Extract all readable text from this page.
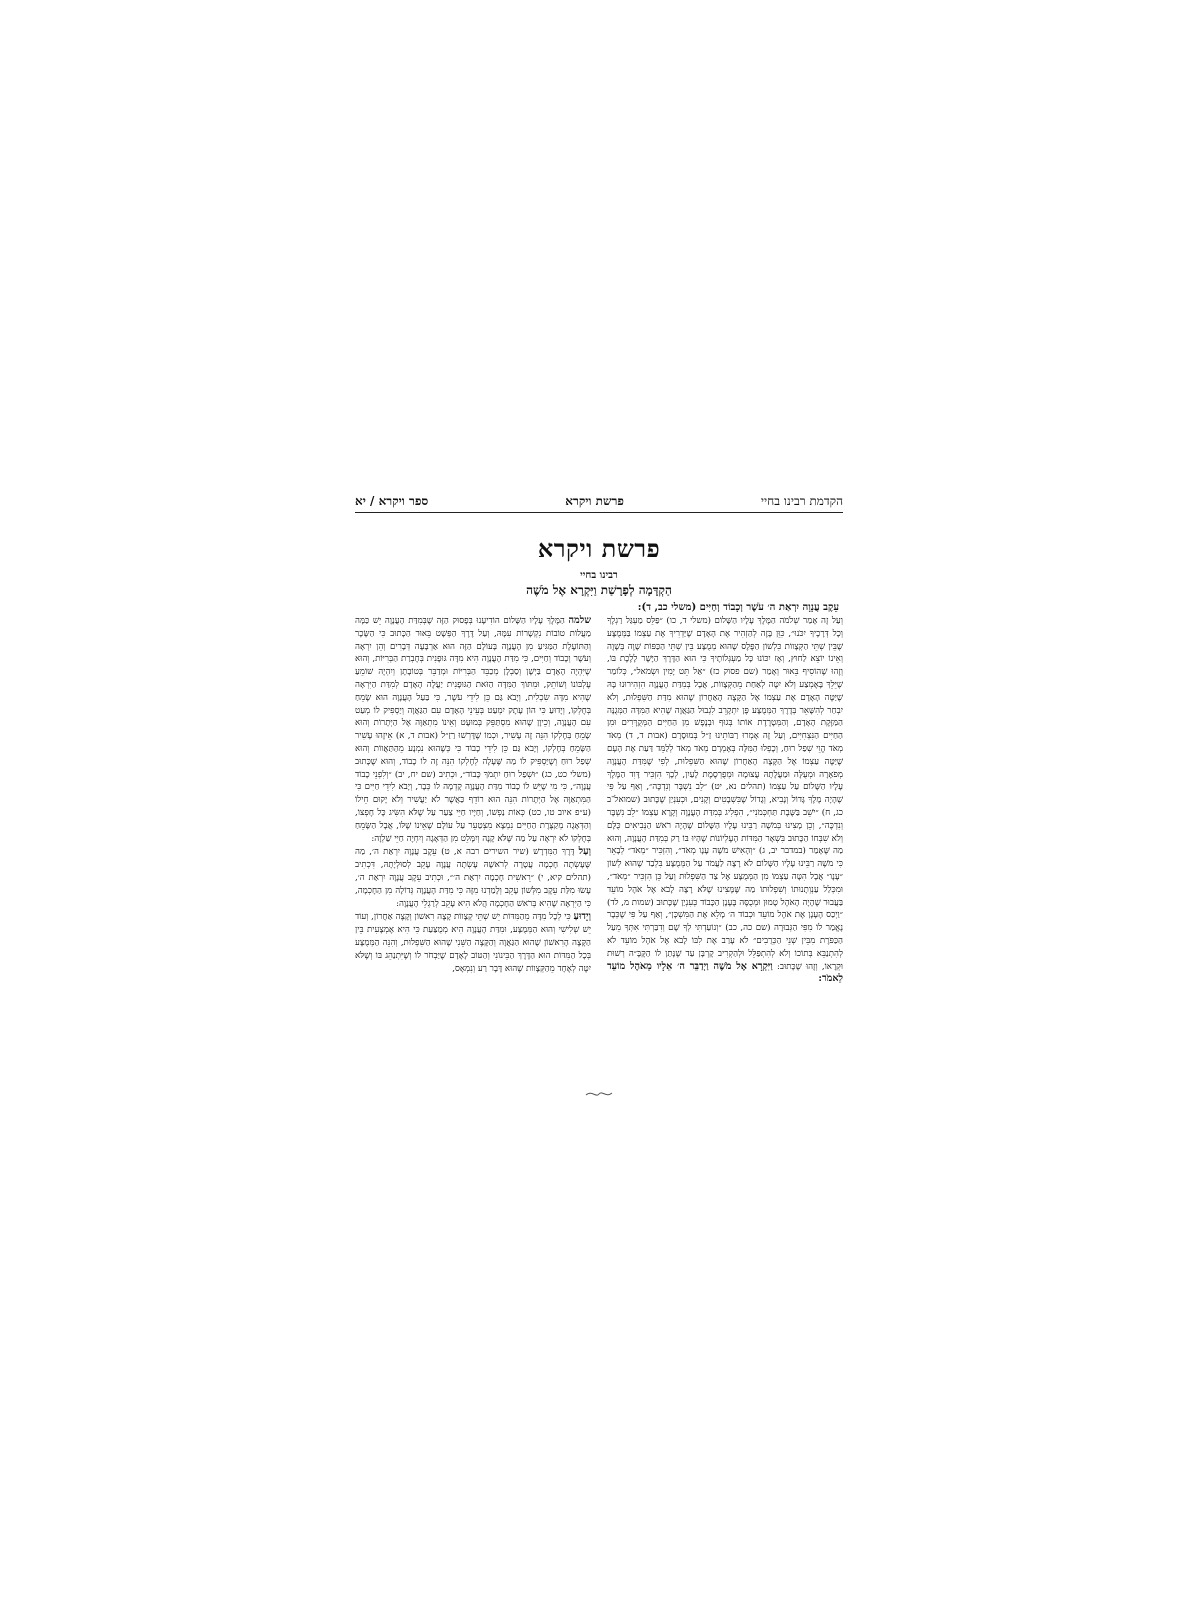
ספר ויקרא / יא	פרשת ויקרא	הקדמת רבינו בחיי
פרשת ויקרא
רבינו בחיי
הַקְדָּמָה לְפָרָשַׁת וַיִּקְרָא אֶל מֹשֶׁה
עֵקֶב עֲנָוָה יִרְאַת ה׳ עֹשֶׁר וְכָבוֹד וְחַיִּים (משלי כב, ד):

שלמה הַמֶּלֶךְ עָלָיו הַשָּׁלוֹם הוֹדִיעָנוּ בְּפָסוּק הַזֶּה שֶׁבְּמִדַּת הָעֲנָוָה יֵשׁ כַּמָּה מַעֲלוֹת טוֹבוֹת נִקְשָׁרוֹת עִמָּהּ, וְעַל דֶּרֶךְ הַפְּשָׁט בֵּאוּר הַכָּתוּב כִּי הַשָּׂכָר וְהַתּוֹעֶלֶת הַמַּגִּיעַ מִן הָעֲנָוָה בָּעוֹלָם הַזֶּה הוּא אַרְבָּעָה דְּבָרִים וְהֵן יִרְאָה וְעֹשֶׁר וְכָבוֹד וְחַיִּים, כִּי מִדַּת הָעֲנָוָה הִיא מִדָּה גּוּפָנִית בְּחֶבְרַת הַבְּרִיּוֹת, וְהוּא שֶׁיִּהְיֶה הָאָדָם בַּיְשָׁן וְסַבְלָן מְכַבֵּד הַבְּרִיּוֹת וּמְדַבֵּר בְּטוֹבָתָן וְיִהְיֶה שׁוֹמֵעַ עֶלְבּוֹנוֹ וְשׁוֹתֵק, וּמִתּוֹךְ הַמִּדָּה הַזֹּאת הַגּוּפָנִית יַעֲלֶה הָאָדָם לְמִדַּת הַיִּרְאָה שֶׁהִיא מִדָּה שִׂכְלִית, וְיָבֹא גַּם כֵּן לִידֵי עֹשֶׁר, כִּי בַּעַל הָעֲנָוָה הוּא שָׂמֵחַ בְּחֶלְקוֹ, וְיָדוּעַ כִּי הוֹן עָתָק יִמְעַט בְּעֵינֵי הָאָדָם עִם הַגַּאֲוָה וְיַסְפִּיק לוֹ מְעַט עִם הָעֲנָוָה, וְכֵיוָן שֶׁהוּא מִסְתַּפֵּק בְּמוּעָט וְאֵינוֹ מִתְאַוֶּה אֶל הַיְּתָרוֹת וְהוּא שָׂמֵחַ בְּחֶלְקוֹ הִנֵּה זֶה עָשִׁיר, וּכְמוֹ שֶׁדָּרְשׁוּ רַזַ״ל (אבות ד, א) אֵיזֶהוּ עָשִׁיר הַשָּׂמֵחַ בְּחֶלְקוֹ, וְיָבֹא גַּם כֵּן לִידֵי כָבוֹד כִּי כְּשֶׁהוּא נִמְנָע מֵהַתַּאֲווֹת וְהוּא שְׁפַל רוּחַ וְשֶׁיַּסְפִּיק לוֹ מַה שֶּׁעָלָה לְחֶלְקוֹ הִנֵּה זֶה לוֹ כָבוֹד, וְהוּא שֶׁכָּתוּב (משלי כט, כג) ״וּשְׁפַל רוּחַ יִתְמֹךְ כָּבוֹד״, וּכְתִיב (שם יח, יב) ״וְלִפְנֵי כָבוֹד עֲנָוָה״, כִּי מִי שֶׁיֵּשׁ לוֹ כָבוֹד מִדַּת הָעֲנָוָה קָדְמָה לוֹ כְּבָר, וְיָבֹא לִידֵי חַיִּים כִּי הַמִּתְאַוֶּה אֶל הַיְּתָרוֹת הִנֵּה הוּא רוֹדֵף כַּאֲשֶׁר לֹא יַעֲשִׁיר וְלֹא יָקוּם חֵילוֹ (ע״פ איוב טו, כט) כְּאוֹת נַפְשׁוֹ, וְחַיָּיו חַיֵּי צַעַר עַל שֶׁלֹּא הִשִּׂיג כָּל חֶפְצוֹ, וְהַדְּאָגָה מְקַצֶּרֶת הַחַיִּים נִמְצָא מִצְטַעֵר עַל עוֹלָם שֶׁאֵינוֹ שֶׁלּוֹ, אֲבָל הַשָּׂמֵחַ בְּחֶלְקוֹ לֹא יִרְאֶה עַל מַה שֶּׁלֹּא קָנָה וְיִמָּלֵט מִן הַדְּאָגָה וְיִחְיֶה חַיֵּי שַׁלְוָה:

וְעַל דֶּרֶךְ הַמִּדְרָשׁ (שיר השירים רבה א, ט) עֵקֶב עֲנָוָה יִרְאַת ה׳, מַה שֶּׁעָשְׂתָה חָכְמָה עֲטָרָה לְרֹאשָׁהּ עָשְׂתָה עֲנָוָה עָקֵב לְסוּלְיָתָהּ, דִּכְתִיב (תהלים קיא, י) ״רֵאשִׁית חָכְמָה יִרְאַת ה׳״, וּכְתִיב עֵקֶב עֲנָוָה יִרְאַת ה׳, עָשׂוּ מִלַּת עֵקֶב מִלְּשׁוֹן עָקֵב וְלָמַדְנוּ מִזֶּה כִּי מִדַּת הָעֲנָוָה גְּדוֹלָה מִן הַחָכְמָה, כִּי הַיִּרְאָה שֶׁהִיא בְּרֹאשׁ הַחָכְמָה הֲלֹא הִיא עָקֵב לְרַגְלֵי הָעֲנָוָה:

וְיָדוּעַ כִּי לְכָל מִדָּה מֵהַמִּדּוֹת יֵשׁ שְׁתֵּי קְצָווֹת קָצֶה רִאשׁוֹן וְקָצֶה אַחֲרוֹן, וְעוֹד יֵשׁ שְׁלִישִׁי וְהוּא הַמְּמֻצָּע, וּמִדַּת הָעֲנָוָה הִיא מְמֻצַּעַת כִּי הִיא אֶמְצָעִית בֵּין הַקָּצֶה הָרִאשׁוֹן שֶׁהוּא הַגַּאֲוָה וְהַקָּצֶה הַשֵּׁנִי שֶׁהוּא הַשִּׁפְלוּת, וְהִנֵּה הַמְּמֻצָּע בְּכָל הַמִּדּוֹת הוּא הַדֶּרֶךְ הַבֵּינוֹנִי וְהַטּוֹב לָאָדָם שֶׁיַּבְחֹר לוֹ וְשֶׁיִּתְנַהֵג בּוֹ וְשֶׁלֹּא יִטֶּה לְאֶחָד מֵהַקְּצָווֹת שֶׁהוּא דָּבָר רַע וְנִמְאָס,

וְעַל זֶה אָמַר שְׁלֹמֹה הַמֶּלֶךְ עָלָיו הַשָּׁלוֹם (משלי ד, כו) ״פַּלֵּס מַעְגַּל רַגְלֶךָ וְכָל דְּרָכֶיךָ יִכֹּנוּ״, כִּוֵּן בָּזֶה לְהַזְהִיר אֶת הָאָדָם שֶׁיַּדְרִיךְ אֶת עַצְמוֹ בַּמְּמֻצָּע שֶׁבֵּין שְׁתֵּי הַקְּצָווֹת כִּלְשׁוֹן הַפֶּלֶס שֶׁהוּא מְמֻצָּע בֵּין שְׁתֵּי הַכַּפּוֹת שָׁוֶה בְּשָׁוֶה וְאֵינוֹ יוֹצֵא לַחוּץ, וְאָז יִכּוֹנוּ כָּל מַעְגְּלוֹתֶיךָ כִּי הוּא הַדֶּרֶךְ הַיָּשָׁר לָלֶכֶת בּוֹ, וְזֶהוּ שֶׁהוֹסִיף בֵּאוּר וְאָמַר (שם פסוק כז) ״אַל תֵּט יָמִין וּשְׂמֹאל״, כְּלוֹמַר שֶׁיֵּלֵךְ בָּאֶמְצַע וְלֹא יִטֶּה לְאַחַת מֵהַקְּצָווֹת, אֲבָל בְּמִדַּת הָעֲנָוָה הִזְהִירוּנוּ בָּהּ שֶׁיַּטֶּה הָאָדָם אֶת עַצְמוֹ אֶל הַקָּצֶה הָאַחֲרוֹן שֶׁהוּא מִדַּת הַשִּׁפְלוּת, וְלֹא יִבְחַר לְהִשָּׁאֵר בְּדֶרֶךְ הַמְּמֻצָּע פֶּן יִתְקָרֵב לִגְבוּל הַגַּאֲוָה שֶׁהִיא הַמִּדָּה הַמְּגֻנָּה הַמַּזֶּקֶת הָאָדָם, וְהַמְּטָרֶדֶת אוֹתוֹ בְּגוּף וּבְנֶפֶשׁ מִן הַחַיִּים הַמְּקֻרָּרִים וּמִן הַחַיִּים הַנִּצְחִיִּים, וְעַל זֶה אָמְרוּ רַבּוֹתֵינוּ זַ״ל בְּמוּסָרָם (אבות ד, ד) מְאֹד מְאֹד הֱוֵי שְׁפַל רוּחַ, וְכָפְלוּ הַמִּלָּה בְּאָמְרָם מְאֹד מְאֹד לְלַמֵּד דַּעַת אֶת הָעָם שֶׁיַּטֶּה עַצְמוֹ אֶל הַקָּצֶה הָאַחֲרוֹן שֶׁהוּא הַשִּׁפְלוּת, לְפִי שֶׁמִּדַּת הָעֲנָוָה מְפֹאָרָה וּמְעֻלָּה וּמַעֲלָתָהּ עֲצוּמָה וּמְפֻרְסֶמֶת לָעַיִן, לְכָךְ הִזְכִּיר דָּוִד הַמֶּלֶךְ עָלָיו הַשָּׁלוֹם עַל עַצְמוֹ (תהלים נא, יט) ״לֵב נִשְׁבָּר וְנִדְכֶּה״, וְאַף עַל פִּי שֶׁהָיָה מֶלֶךְ גָּדוֹל וְנָבִיא, וְגָדוֹל שֶׁבִּשְׁבָטִים וְקָנִים, וּכְעִנְיַן שֶׁכָּתוּב (שמואל־ב כג, ח) ״יֹשֵׁב בַּשֶּׁבֶת תַּחְכְּמֹנִי״, הִפְלִיג בְּמִדַּת הָעֲנָוָה וְקָרָא עַצְמוֹ ״לֵב נִשְׁבָּר וְנִדְכֶּה״, וְכֵן מָצִינוּ בְּמֹשֶׁה רַבֵּינוּ עָלָיו הַשָּׁלוֹם שֶׁהָיָה רֹאשׁ הַנְּבִיאִים כֻּלָּם וְלֹא שִׁבְּחוֹ הַכָּתוּב בִּשְׁאָר הַמִּדּוֹת הָעֶלְיוֹנוֹת שֶׁהָיוּ בּוֹ רַק בְּמִדַּת הָעֲנָוָה, וְהוּא מַה שֶּׁאָמַר (במדבר יב, ג) ״וְהָאִישׁ מֹשֶׁה עָנָו מְאֹד״, וְהִזְכִּיר ״מְאֹד״ לְבָאֵר כִּי מֹשֶׁה רַבֵּינוּ עָלָיו הַשָּׁלוֹם לֹא רָצָה לַעֲמֹד עַל הַמְּמֻצָּע בִּלְבַד שֶׁהוּא לְשׁוֹן ״עָנָו״ אֲבָל הִטָּה עַצְמוֹ מִן הַמְּמֻצָּע אֶל צַד הַשִּׁפְלוּת וְעַל כֵּן הִזְכִּיר ״מְאֹד״, וּמִכְּלַל עַנְוְתָנוּתוֹ וְשִׁפְלוּתוֹ מַה שֶּׁמָּצִינוּ שֶׁלֹּא רָצָה לָבֹא אֶל אֹהֶל מוֹעֵד בַּעֲבוּר שֶׁהָיָה הָאֹהֶל טָמוּן וּמְכֻסֶּה בֶּעָנָן הַכָּבוֹד כְּעִנְיַן שֶׁכָּתוּב (שמות מ, לד) ״וַיְכַס הֶעָנָן אֶת אֹהֶל מוֹעֵד וּכְבוֹד ה׳ מָלֵא אֶת הַמִּשְׁכָּן״, וְאַף עַל פִּי שֶׁכְּבָר נֶאֱמַר לוֹ מִפִּי הַגְּבוּרָה (שם כה, כב) ״וְנוֹעַדְתִּי לְךָ שָׁם וְדִבַּרְתִּי אִתְּךָ מֵעַל הַכַּפֹּרֶת מִבֵּין שְׁנֵי הַכְּרֻבִים״ לֹא עָרַב אֶת לִבּוֹ לָבֹא אֶל אֹהֶל מוֹעֵד לֹא לְהִתְנַבֵּא בְּתוֹכוֹ וְלֹא לְהִתְפַּלֵּל וּלְהַקְרִיב קָרְבָּן עַד שֶׁנָּתַן לוֹ הַקָּבָּ״ה רְשׁוּת וּקְרָאוֹ, וְזֶהוּ שֶׁכָּתוּב: וַיִּקְרָא אֶל מֹשֶׁה וַיְדַבֵּר ה׳ אֵלָיו מֵאֹהֶל מוֹעֵד לֵאמֹר:
